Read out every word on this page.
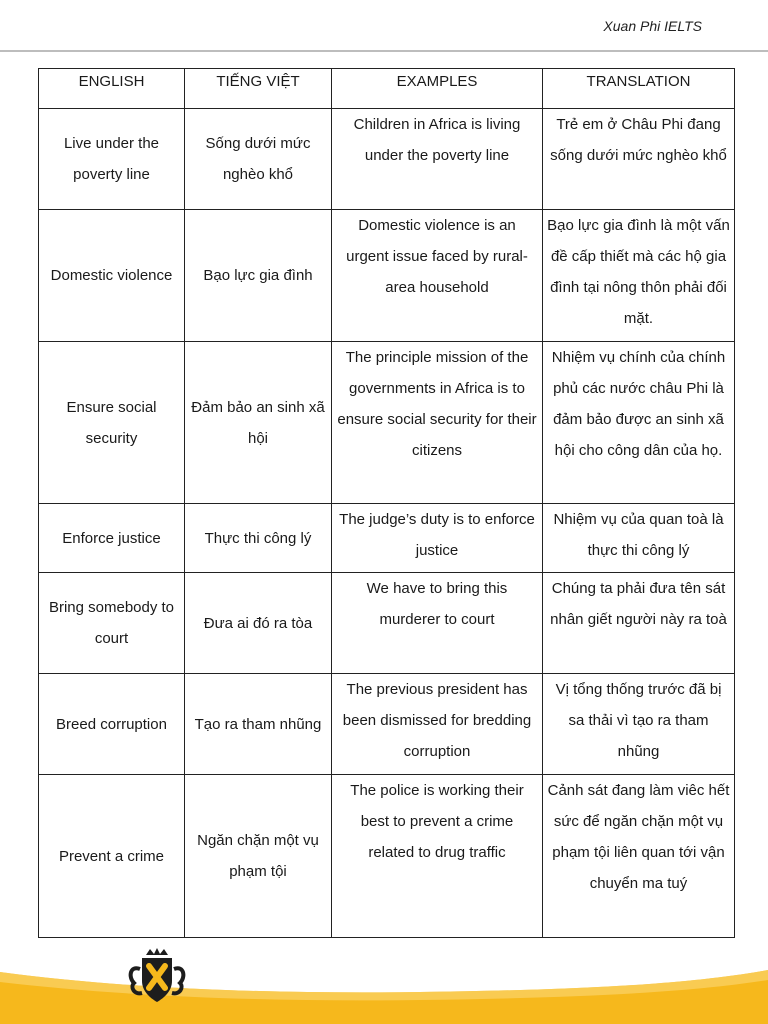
Xuan Phi IELTS
ENGLISH	TIẾNG VIỆT	EXAMPLES	TRANSLATION
Live under the poverty line	Sống dưới mức nghèo khổ	Children in Africa is living under the poverty line	Trẻ em ở Châu Phi đang sống dưới mức nghèo khổ
Domestic violence	Bạo lực gia đình	Domestic violence is an urgent issue faced by rural-area household	Bạo lực gia đình là một vấn đề cấp thiết mà các hộ gia đình tại nông thôn phải đối mặt.
Ensure social security	Đảm bảo an sinh xã hội	The principle mission of the governments in Africa is to ensure social security for their citizens	Nhiệm vụ chính của chính phủ các nước châu Phi là đảm bảo được an sinh xã hội cho công dân của họ.
Enforce justice	Thực thi công lý	The judge’s duty is to enforce justice	Nhiệm vụ của quan toà là thực thi công lý
Bring somebody to court	Đưa ai đó ra tòa	We have to bring this murderer to court	Chúng ta phải đưa tên sát nhân giết người này ra toà
Breed corruption	Tạo ra tham nhũng	The previous president has been dismissed for bredding corruption	Vị tổng thống trước đã bị sa thải vì tạo ra tham nhũng
Prevent a crime	Ngăn chặn một vụ phạm tội	The police is working their best to prevent a crime related to drug traffic	Cảnh sát đang làm viêc hết sức để ngăn chặn một vụ phạm tội liên quan tới vận chuyển ma tuý
